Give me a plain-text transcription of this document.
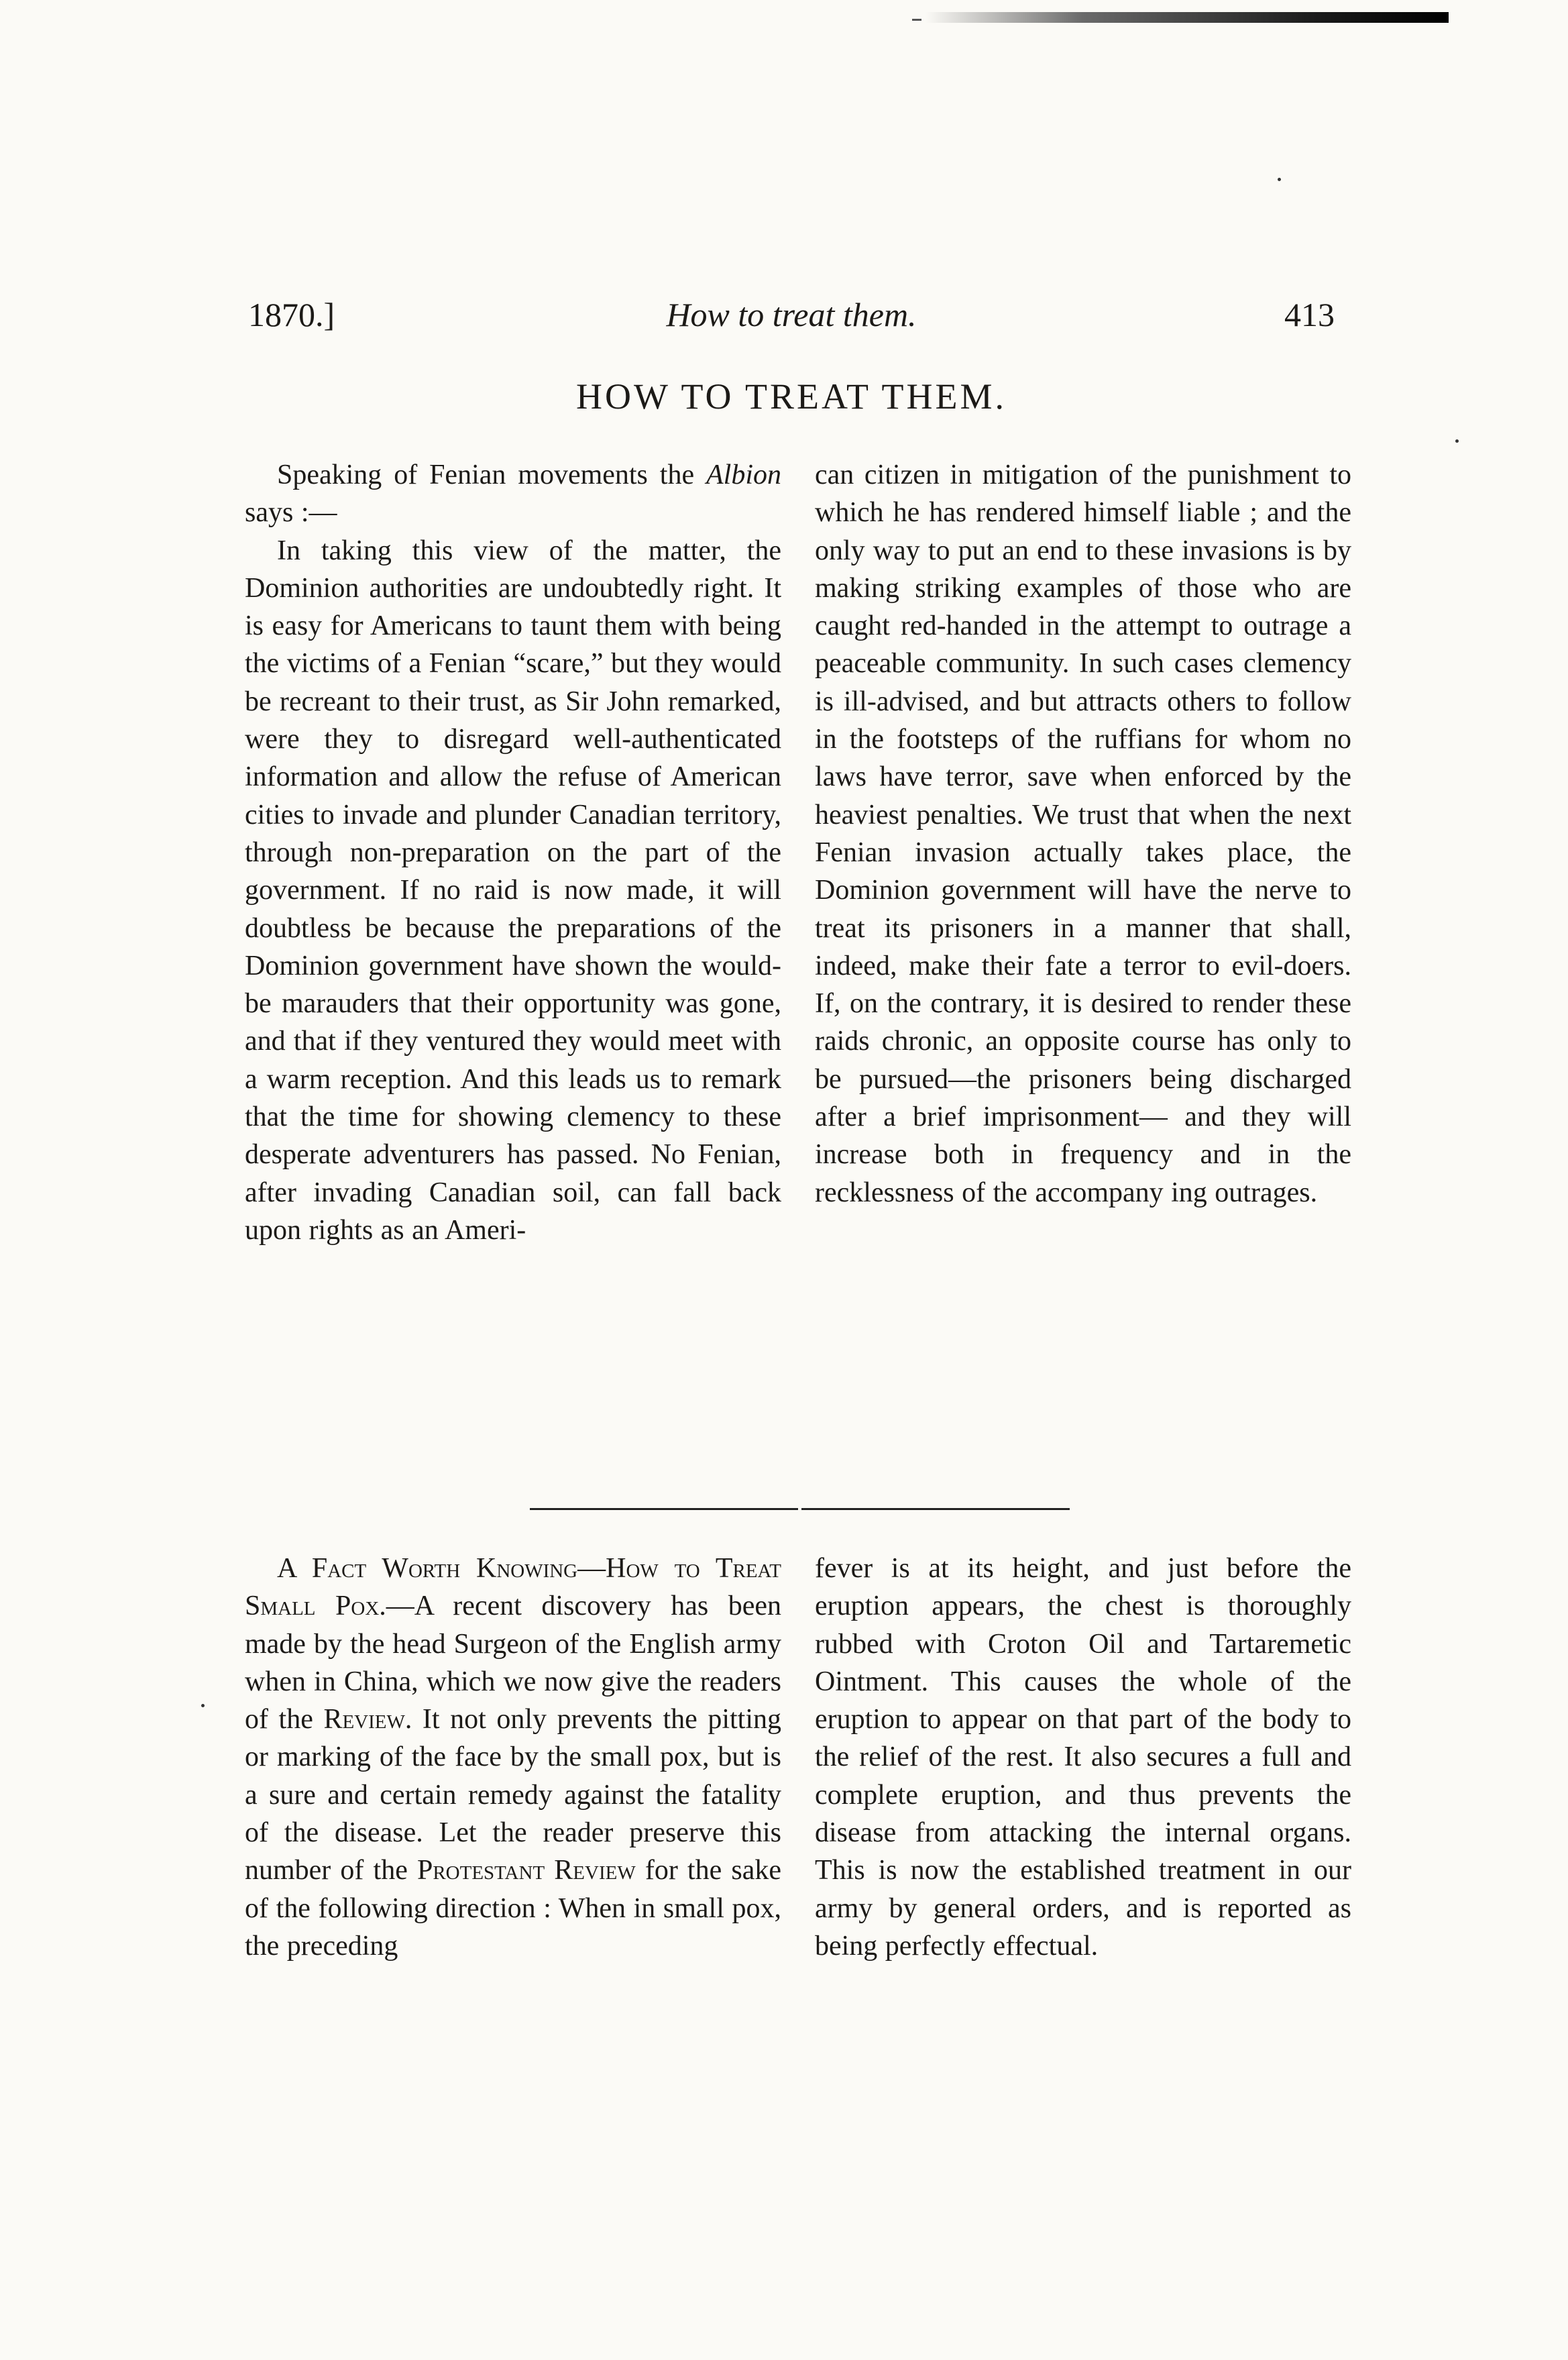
1870.]	How to treat them.	413
HOW TO TREAT THEM.

Speaking of Fenian movements the Albion says :—

In taking this view of the matter, the Dominion authorities are undoubtedly right. It is easy for Americans to taunt them with being the victims of a Fenian “scare,” but they would be recreant to their trust, as Sir John remarked, were they to disregard well-authenticated information and allow the refuse of American cities to invade and plunder Canadian territory, through non-preparation on the part of the government. If no raid is now made, it will doubtless be because the preparations of the Dominion government have shown the would-be marauders that their opportunity was gone, and that if they ventured they would meet with a warm reception. And this leads us to remark that the time for showing clemency to these desperate adventurers has passed. No Fenian, after invading Canadian soil, can fall back upon rights as an Ameri-

can citizen in mitigation of the punishment to which he has rendered himself liable ; and the only way to put an end to these invasions is by making striking examples of those who are caught red-handed in the attempt to outrage a peaceable community. In such cases clemency is ill-advised, and but attracts others to follow in the footsteps of the ruffians for whom no laws have terror, save when enforced by the heaviest penalties. We trust that when the next Fenian invasion actually takes place, the Dominion government will have the nerve to treat its prisoners in a manner that shall, indeed, make their fate a terror to evil-doers. If, on the contrary, it is desired to render these raids chronic, an opposite course has only to be pursued—the prisoners being discharged after a brief imprisonment— and they will increase both in frequency and in the recklessness of the accompany ing outrages.

A Fact Worth Knowing—How to Treat Small Pox.—A recent discovery has been made by the head Surgeon of the English army when in China, which we now give the readers of the Review. It not only prevents the pitting or marking of the face by the small pox, but is a sure and certain remedy against the fatality of the disease. Let the reader preserve this number of the Protestant Review for the sake of the following direction : When in small pox, the preceding

fever is at its height, and just before the eruption appears, the chest is thoroughly rubbed with Croton Oil and Tartaremetic Ointment. This causes the whole of the eruption to appear on that part of the body to the relief of the rest. It also secures a full and complete eruption, and thus prevents the disease from attacking the internal organs. This is now the established treatment in our army by general orders, and is reported as being perfectly effectual.
